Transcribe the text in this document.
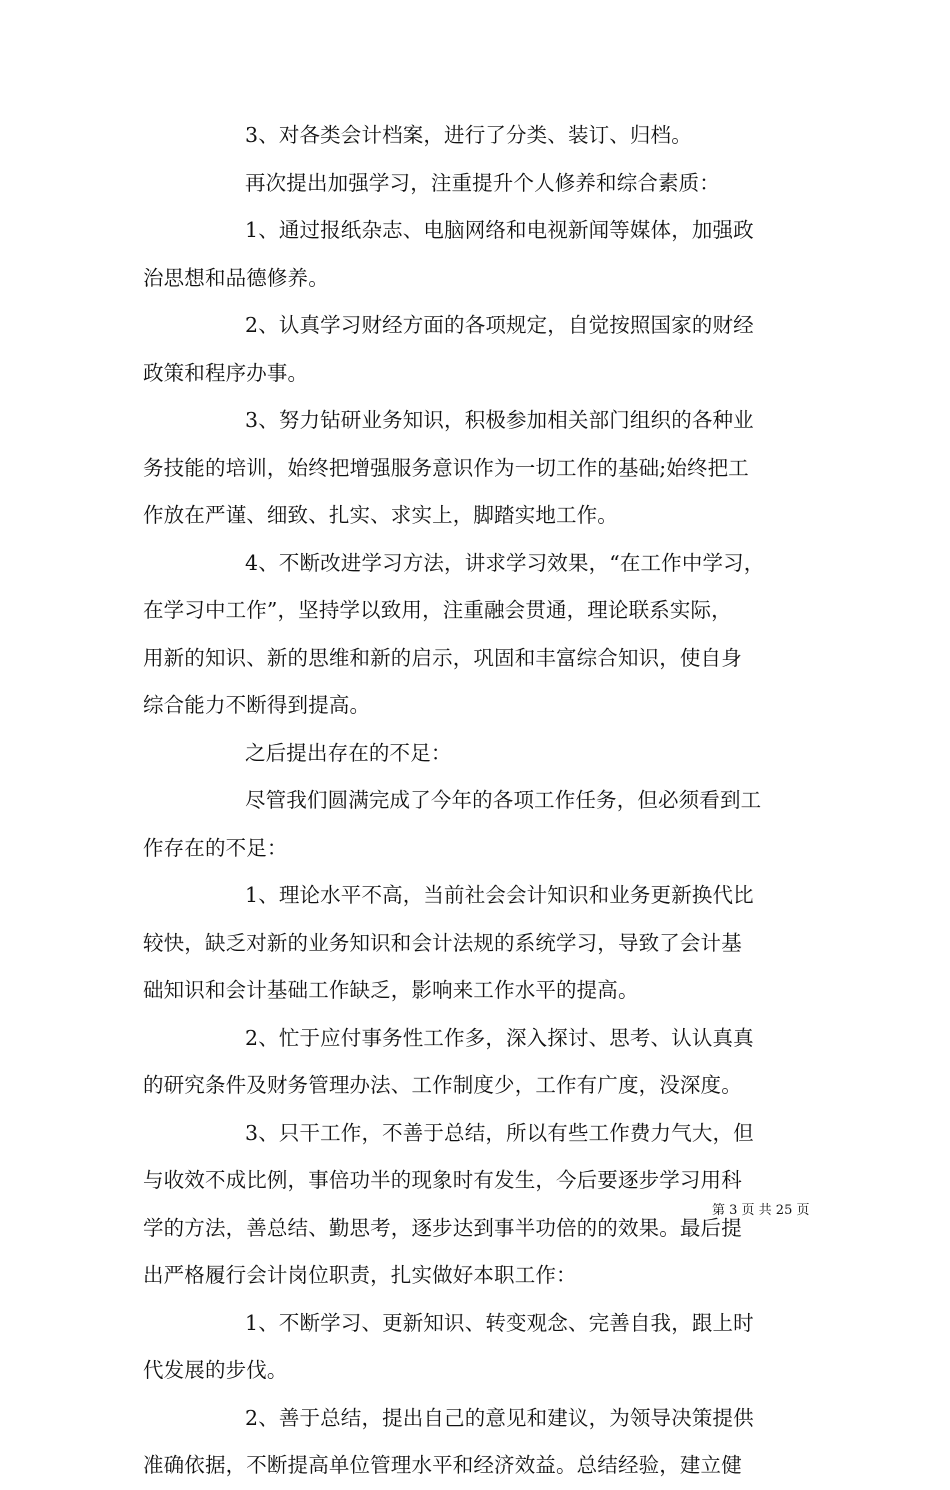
3、对各类会计档案，进行了分类、装订、归档。
再次提出加强学习，注重提升个人修养和综合素质：
1、通过报纸杂志、电脑网络和电视新闻等媒体，加强政
治思想和品德修养。
2、认真学习财经方面的各项规定，自觉按照国家的财经
政策和程序办事。
3、努力钻研业务知识，积极参加相关部门组织的各种业
务技能的培训，始终把增强服务意识作为一切工作的基础;始终把工
作放在严谨、细致、扎实、求实上，脚踏实地工作。
4、不断改进学习方法，讲求学习效果，“在工作中学习，
在学习中工作”，坚持学以致用，注重融会贯通，理论联系实际，
用新的知识、新的思维和新的启示，巩固和丰富综合知识，使自身
综合能力不断得到提高。
之后提出存在的不足：
尽管我们圆满完成了今年的各项工作任务，但必须看到工
作存在的不足：
1、理论水平不高，当前社会会计知识和业务更新换代比
较快，缺乏对新的业务知识和会计法规的系统学习，导致了会计基
础知识和会计基础工作缺乏，影响来工作水平的提高。
2、忙于应付事务性工作多，深入探讨、思考、认认真真
的研究条件及财务管理办法、工作制度少，工作有广度，没深度。
3、只干工作，不善于总结，所以有些工作费力气大，但
与收效不成比例，事倍功半的现象时有发生，今后要逐步学习用科
学的方法，善总结、勤思考，逐步达到事半功倍的的效果。最后提
出严格履行会计岗位职责，扎实做好本职工作：
1、不断学习、更新知识、转变观念、完善自我，跟上时
代发展的步伐。
2、善于总结，提出自己的意见和建议，为领导决策提供
准确依据，不断提高单位管理水平和经济效益。总结经验，建立健
第 3 页 共 25 页
